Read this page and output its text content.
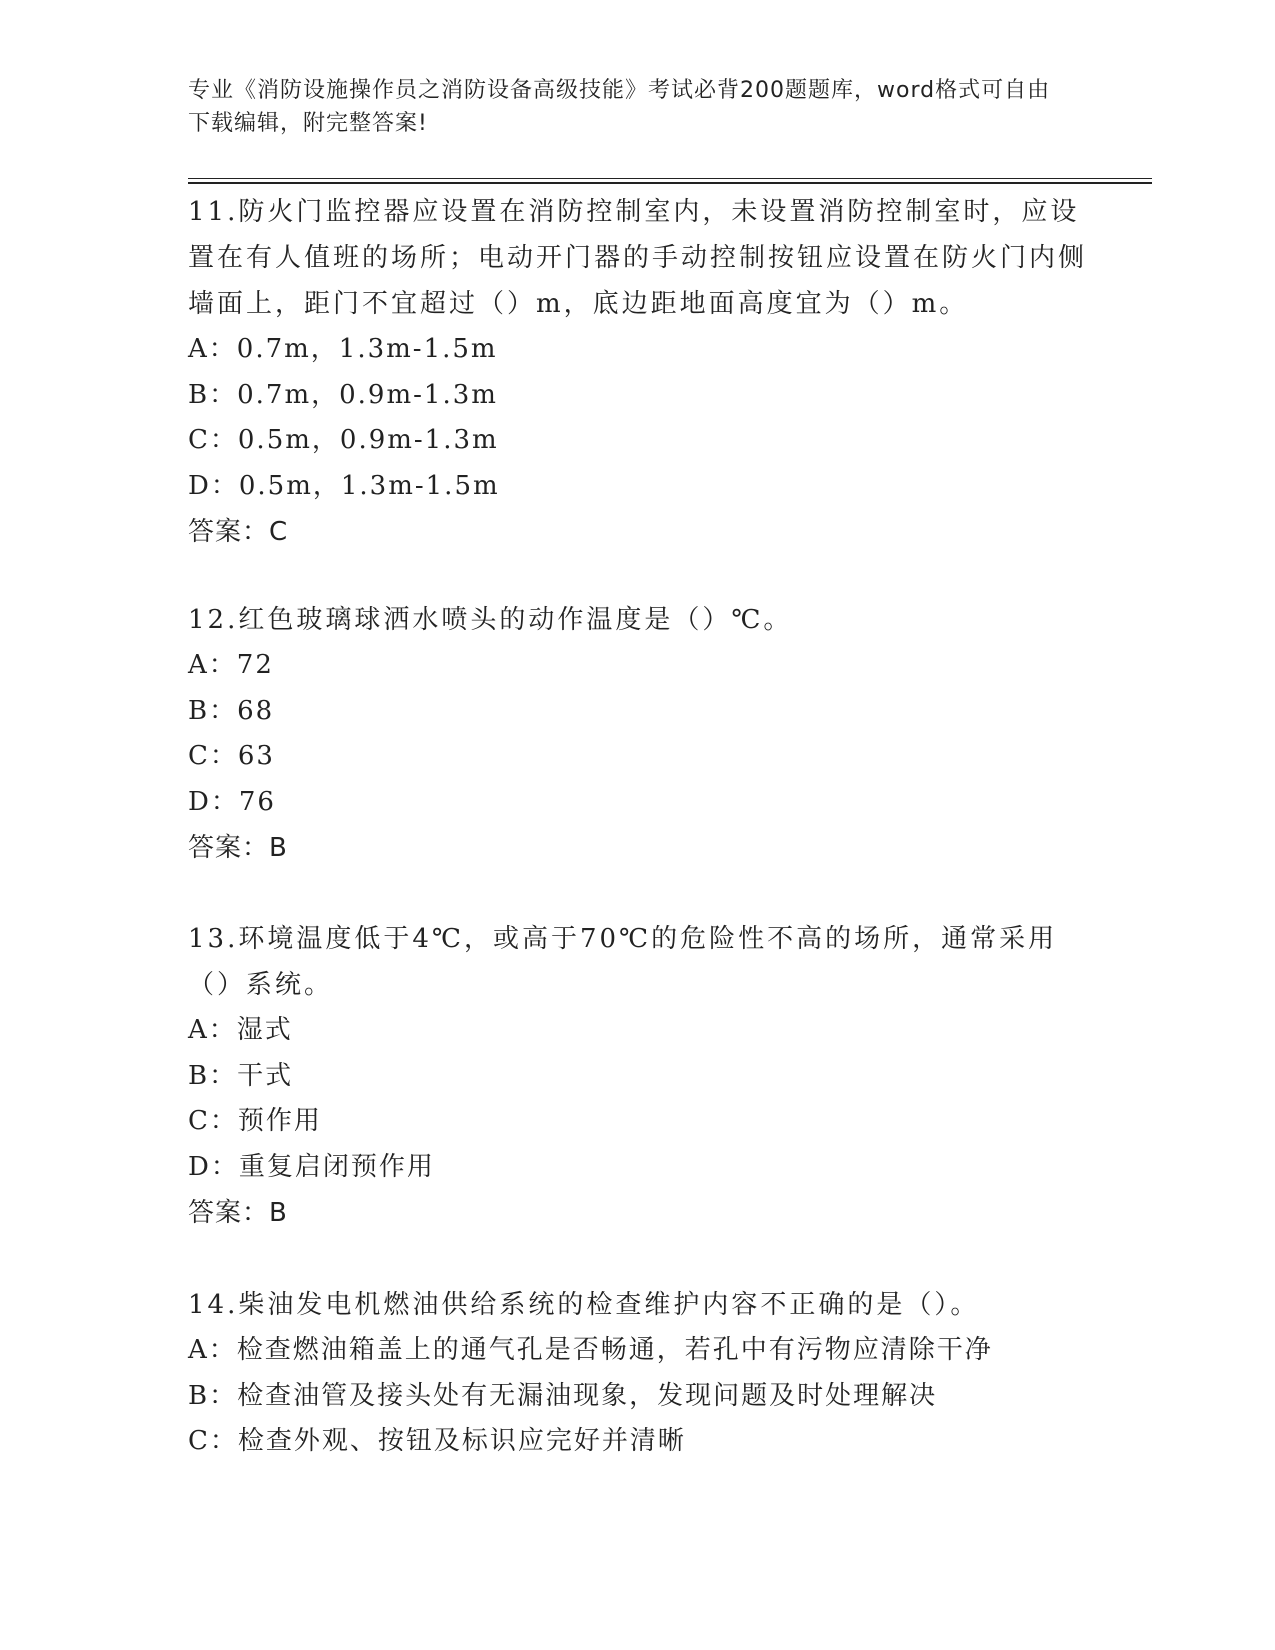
专业《消防设施操作员之消防设备高级技能》考试必背200题题库，word格式可自由下载编辑，附完整答案!

11.防火门监控器应设置在消防控制室内，未设置消防控制室时，应设置在有人值班的场所；电动开门器的手动控制按钮应设置在防火门内侧墙面上，距门不宜超过（）m，底边距地面高度宜为（）m。

A：0.7m，1.3m-1.5m

B：0.7m，0.9m-1.3m

C：0.5m，0.9m-1.3m

D：0.5m，1.3m-1.5m

答案：C

12.红色玻璃球洒水喷头的动作温度是（）℃。

A：72

B：68

C：63

D：76

答案：B

13.环境温度低于4℃，或高于70℃的危险性不高的场所，通常采用（）系统。

A：湿式

B：干式

C：预作用

D：重复启闭预作用

答案：B

14.柴油发电机燃油供给系统的检查维护内容不正确的是（）。

A：检查燃油箱盖上的通气孔是否畅通，若孔中有污物应清除干净

B：检查油管及接头处有无漏油现象，发现问题及时处理解决

C：检查外观、按钮及标识应完好并清晰
